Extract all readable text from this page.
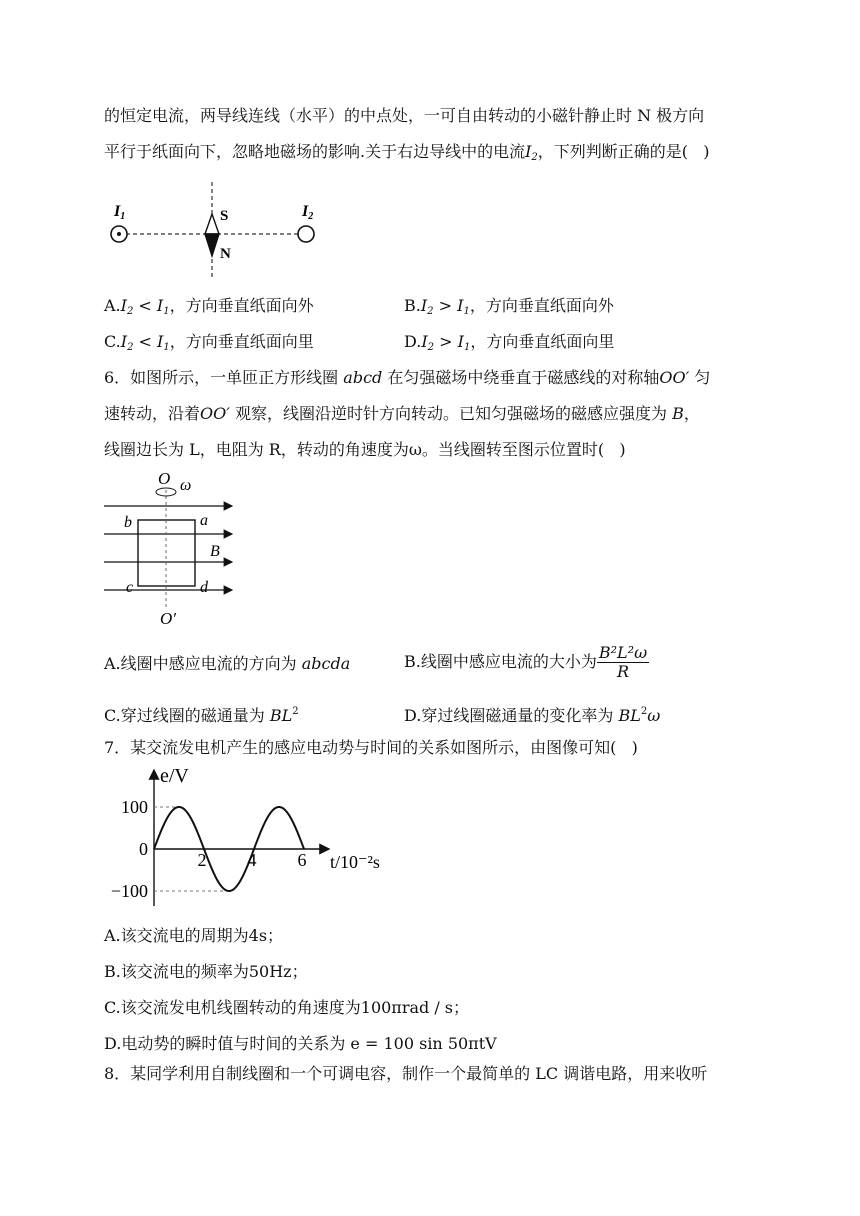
的恒定电流，两导线连线（水平）的中点处，一可自由转动的小磁针静止时 N 极方向
平行于纸面向下，忽略地磁场的影响.关于右边导线中的电流$I_2$，下列判断正确的是(   )
I1	I2
S
N
$A.I_2 < I_1$，方向垂直纸面向外	$B.I_2 > I_1$，方向垂直纸面向外
$C.I_2 < I_1$，方向垂直纸面向里	$D.I_2 > I_1$，方向垂直纸面向里
6．如图所示，一单匝正方形线圈 abcd 在匀强磁场中绕垂直于磁感线的对称轴OO′ 匀
速转动，沿着OO′ 观察，线圈沿逆时针方向转动。已知匀强磁场的磁感应强度为 B，
线圈边长为 L，电阻为 R，转动的角速度为ω。当线圈转至图示位置时(   )
O ω
b	a
B
c	d
O′
A.线圈中感应电流的方向为 abcda	B.线圈中感应电流的大小为 $\frac{\text{B²L²ω}}{R}$
C.穿过线圈的磁通量为 $BL^2$	D.穿过线圈磁通量的变化率为 $BL^2\omega$
7．某交流发电机产生的感应电动势与时间的关系如图所示，由图像可知(   )
100
0
−100
2 4 6
e/V
t/10⁻²s
A.该交流电的周期为4s；
B.该交流电的频率为50Hz；
C.该交流发电机线圈转动的角速度为100πrad / s；
D.电动势的瞬时值与时间的关系为 e = 100 sin 50πtV
8．某同学利用自制线圈和一个可调电容，制作一个最简单的 LC 调谐电路，用来收听
